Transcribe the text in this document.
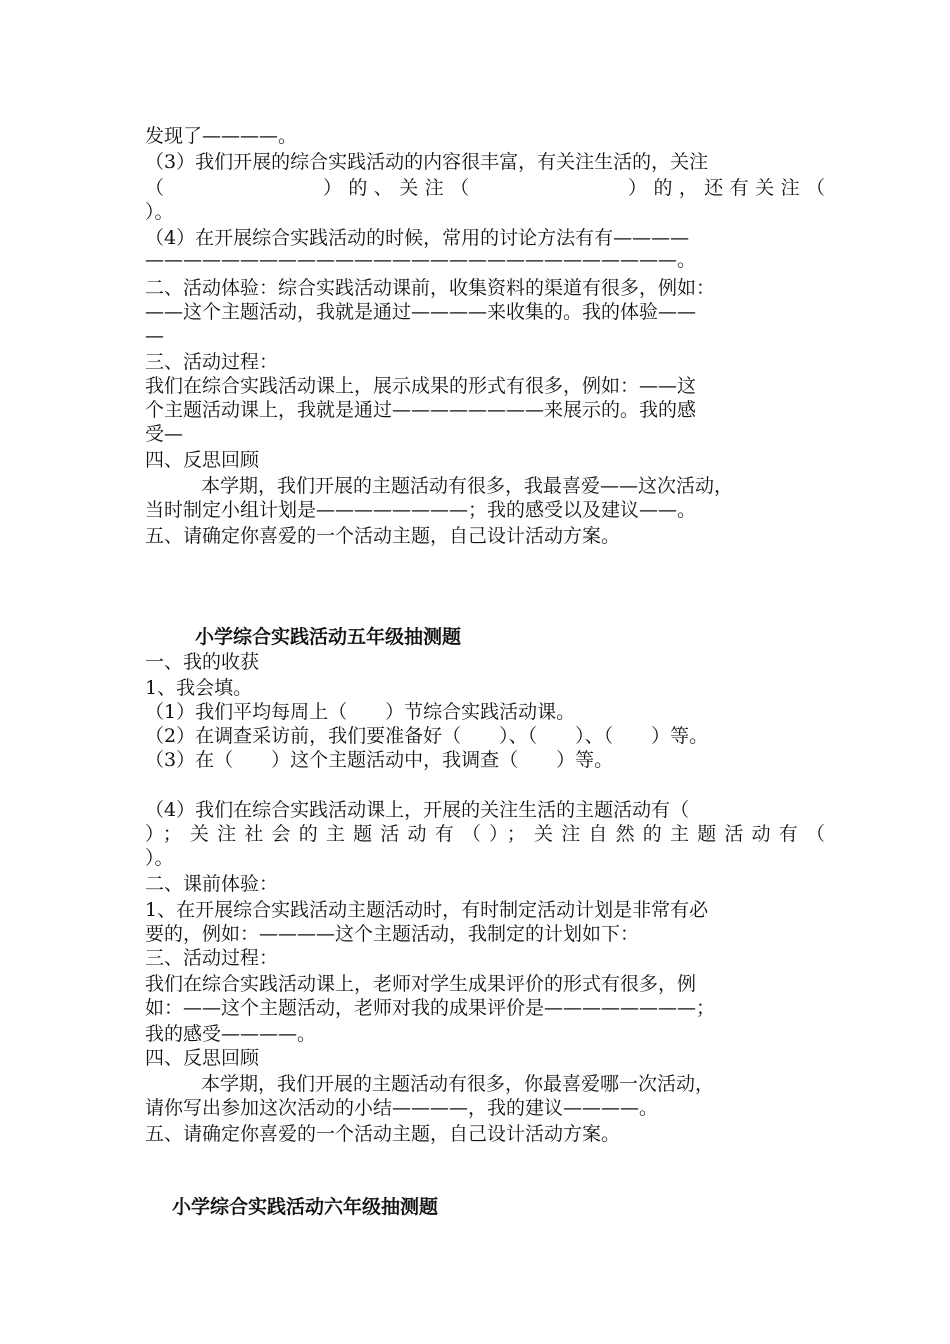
发现了————。
（3）我们开展的综合实践活动的内容很丰富，有关注生活的，关注
（　　　　　　）的、关注（　　　　　　）的，还有关注（
）。
（4）在开展综合实践活动的时候，常用的讨论方法有有————
————————————————————————————。
二、活动体验：综合实践活动课前，收集资料的渠道有很多，例如：
——这个主题活动，我就是通过————来收集的。我的体验——
—
三、活动过程：
我们在综合实践活动课上，展示成果的形式有很多，例如：——这
个主题活动课上，我就是通过————————来展示的。我的感
受—
四、反思回顾
本学期，我们开展的主题活动有很多，我最喜爱——这次活动，
当时制定小组计划是————————；我的感受以及建议——。
五、请确定你喜爱的一个活动主题，自己设计活动方案。
小学综合实践活动五年级抽测题
一、我的收获
1、我会填。
（1）我们平均每周上（　　）节综合实践活动课。
（2）在调查采访前，我们要准备好（　　）、（　　）、（　　）等。
（3）在（　　）这个主题活动中，我调查（　　）等。
（4）我们在综合实践活动课上，开展的关注生活的主题活动有（
）；关注社会的主题活动有（）；关注自然的主题活动有（
）。
二、课前体验：
1、在开展综合实践活动主题活动时，有时制定活动计划是非常有必
要的，例如：————这个主题活动，我制定的计划如下：
三、活动过程：
我们在综合实践活动课上，老师对学生成果评价的形式有很多，例
如：——这个主题活动，老师对我的成果评价是————————；
我的感受————。
四、反思回顾
本学期，我们开展的主题活动有很多，你最喜爱哪一次活动，
请你写出参加这次活动的小结————，我的建议————。
五、请确定你喜爱的一个活动主题，自己设计活动方案。
小学综合实践活动六年级抽测题
